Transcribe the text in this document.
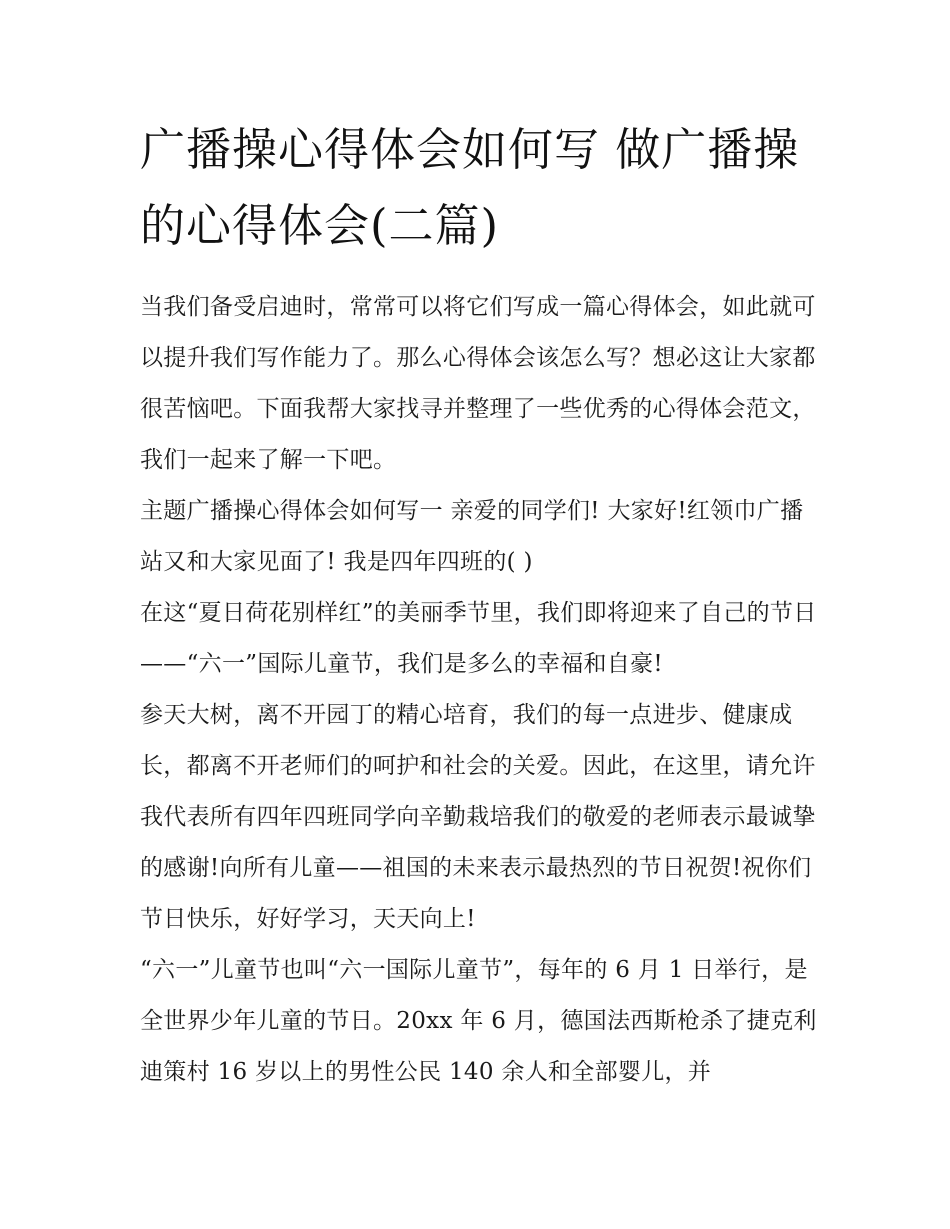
广播操心得体会如何写 做广播操的心得体会(二篇)

当我们备受启迪时，常常可以将它们写成一篇心得体会，如此就可以提升我们写作能力了。那么心得体会该怎么写？想必这让大家都很苦恼吧。下面我帮大家找寻并整理了一些优秀的心得体会范文，我们一起来了解一下吧。

主题广播操心得体会如何写一 亲爱的同学们! 大家好!红领巾广播站又和大家见面了! 我是四年四班的( )

在这“夏日荷花别样红”的美丽季节里，我们即将迎来了自己的节日——“六一”国际儿童节，我们是多么的幸福和自豪!

参天大树，离不开园丁的精心培育，我们的每一点进步、健康成长，都离不开老师们的呵护和社会的关爱。因此，在这里，请允许我代表所有四年四班同学向辛勤栽培我们的敬爱的老师表示最诚挚的感谢!向所有儿童——祖国的未来表示最热烈的节日祝贺!祝你们节日快乐，好好学习，天天向上!

“六一”儿童节也叫“六一国际儿童节”，每年的 6 月 1 日举行，是全世界少年儿童的节日。20xx 年 6 月，德国法西斯枪杀了捷克利迪策村 16 岁以上的男性公民 140 余人和全部婴儿，并
